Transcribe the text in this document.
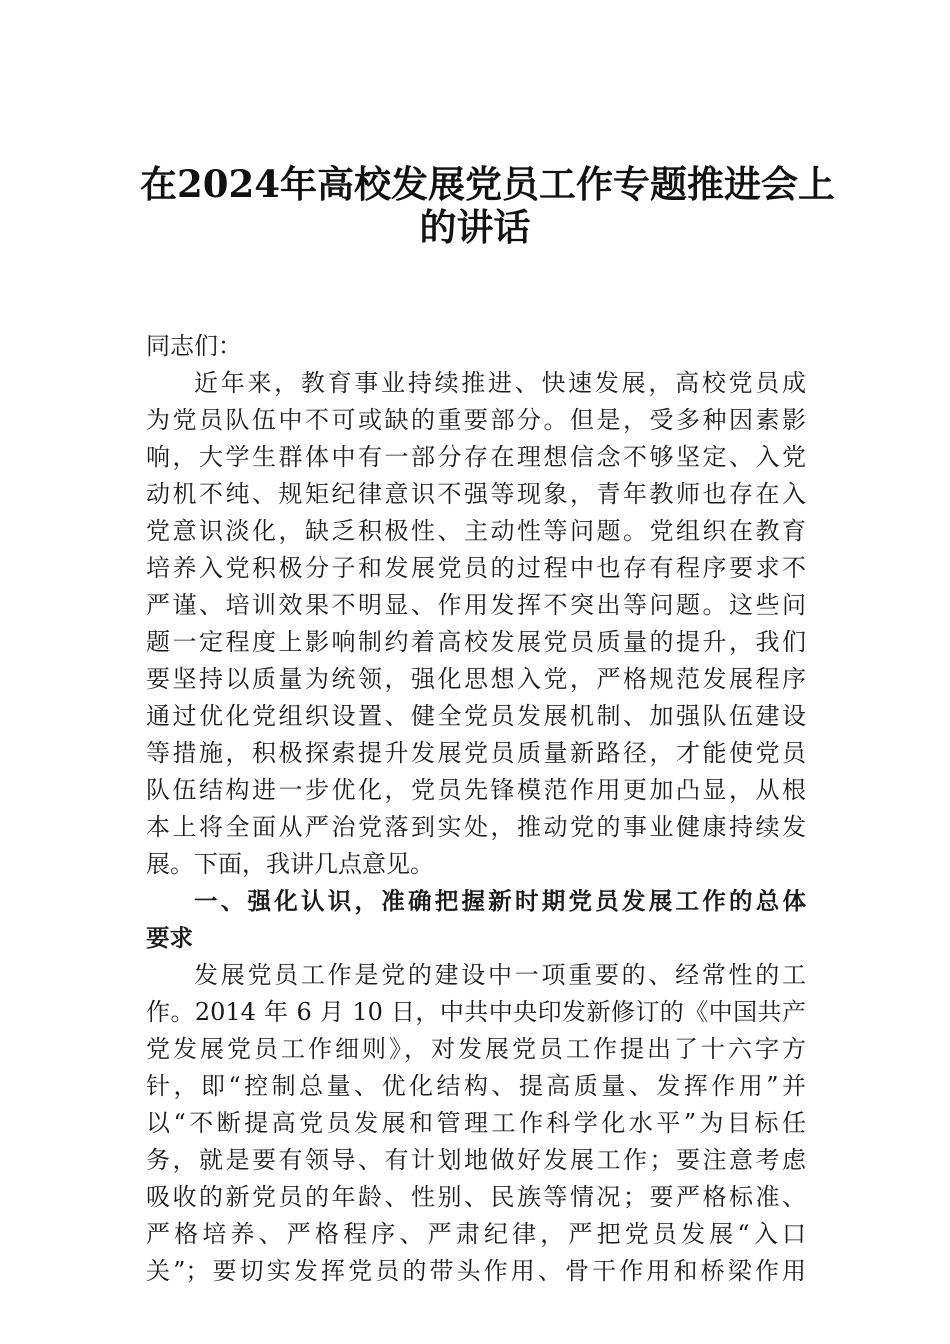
在2024年高校发展党员工作专题推进会上
的讲话
同志们：
近年来，教育事业持续推进、快速发展，高校党员成
为党员队伍中不可或缺的重要部分。但是，受多种因素影
响，大学生群体中有一部分存在理想信念不够坚定、入党
动机不纯、规矩纪律意识不强等现象，青年教师也存在入
党意识淡化，缺乏积极性、主动性等问题。党组织在教育
培养入党积极分子和发展党员的过程中也存有程序要求不
严谨、培训效果不明显、作用发挥不突出等问题。这些问
题一定程度上影响制约着高校发展党员质量的提升，我们
要坚持以质量为统领，强化思想入党，严格规范发展程序
通过优化党组织设置、健全党员发展机制、加强队伍建设
等措施，积极探索提升发展党员质量新路径，才能使党员
队伍结构进一步优化，党员先锋模范作用更加凸显，从根
本上将全面从严治党落到实处，推动党的事业健康持续发
展。下面，我讲几点意见。
一、强化认识，准确把握新时期党员发展工作的总体
要求
发展党员工作是党的建设中一项重要的、经常性的工
作。2014 年 6 月 10 日，中共中央印发新修订的《中国共产
党发展党员工作细则》，对发展党员工作提出了十六字方
针，即“控制总量、优化结构、提高质量、发挥作用”并
以“不断提高党员发展和管理工作科学化水平”为目标任
务，就是要有领导、有计划地做好发展工作；要注意考虑
吸收的新党员的年龄、性别、民族等情况；要严格标准、
严格培养、严格程序、严肃纪律，严把党员发展“入口
关”；要切实发挥党员的带头作用、骨干作用和桥梁作用
